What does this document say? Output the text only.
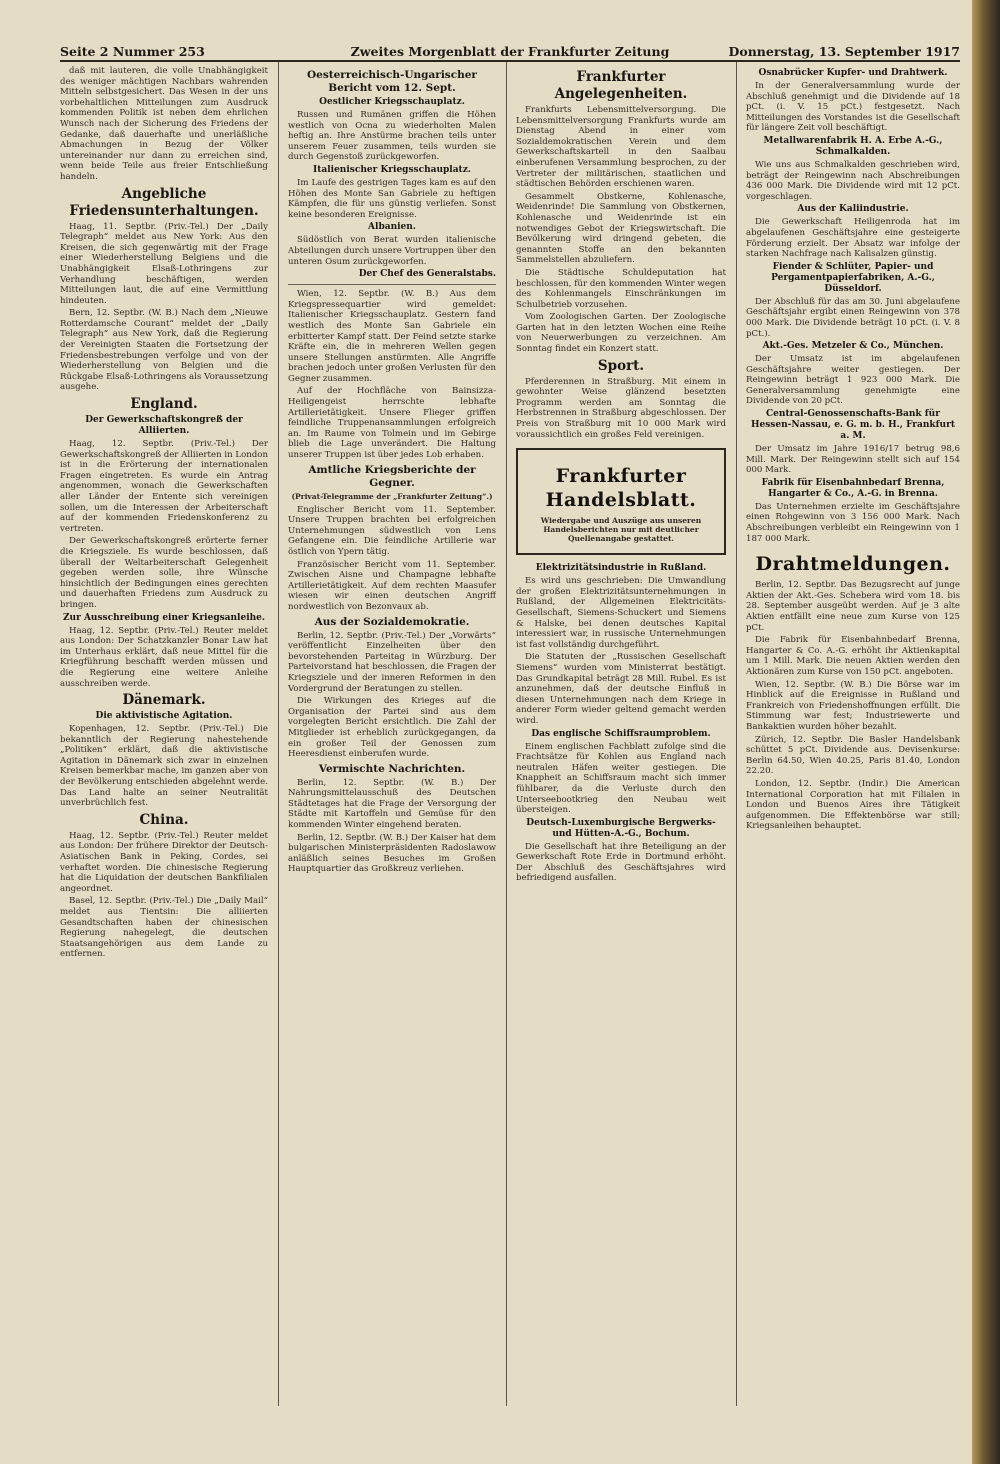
Seite 2 Nummer 253	Zweites Morgenblatt der Frankfurter Zeitung	Donnerstag, 13. September 1917

daß mit lauteren, die volle Unabhängigkeit des weniger mächtigen Nachbars wahrenden Mitteln selbstgesichert. Das Wesen in der uns vorbehaltlichen Mitteilungen zum Ausdruck kommenden Politik ist neben dem ehrlichen Wunsch nach der Sicherung des Friedens der Gedanke, daß dauerhafte und unerläßliche Abmachungen in Bezug der Völker untereinander nur dann zu erreichen sind, wenn beide Teile aus freier Entschließung handeln.

Angebliche Friedensunterhaltungen.

Haag, 11. Septbr. (Priv.-Tel.) Der „Daily Telegraph“ meldet aus New York: Aus den Kreisen, die sich gegenwärtig mit der Frage einer Wiederherstellung Belgiens und die Unabhängigkeit Elsaß-Lothringens zur Verhandlung beschäftigen, werden Mitteilungen laut, die auf eine Vermittlung hindeuten.

Bern, 12. Septbr. (W. B.) Nach dem „Nieuwe Rotterdamsche Courant“ meldet der „Daily Telegraph“ aus New York, daß die Regierung der Vereinigten Staaten die Fortsetzung der Friedensbestrebungen verfolge und von der Wiederherstellung von Belgien und die Rückgabe Elsaß-Lothringens als Voraussetzung ausgehe.

England.
Der Gewerkschaftskongreß der Alliierten.

Haag, 12. Septbr. (Priv.-Tel.) Der Gewerkschaftskongreß der Alliierten in London ist in die Erörterung der internationalen Fragen eingetreten. Es wurde ein Antrag angenommen, wonach die Gewerkschaften aller Länder der Entente sich vereinigen sollen, um die Interessen der Arbeiterschaft auf der kommenden Friedenskonferenz zu vertreten.

Der Gewerkschaftskongreß erörterte ferner die Kriegsziele. Es wurde beschlossen, daß überall der Weltarbeiterschaft Gelegenheit gegeben werden solle, ihre Wünsche hinsichtlich der Bedingungen eines gerechten und dauerhaften Friedens zum Ausdruck zu bringen.

Zur Ausschreibung einer Kriegsanleihe.

Haag, 12. Septbr. (Priv.-Tel.) Reuter meldet aus London: Der Schatzkanzler Bonar Law hat im Unterhaus erklärt, daß neue Mittel für die Kriegführung beschafft werden müssen und die Regierung eine weitere Anleihe ausschreiben werde.

Dänemark.
Die aktivistische Agitation.

Kopenhagen, 12. Septbr. (Priv.-Tel.) Die bekanntlich der Regierung nahestehende „Politiken“ erklärt, daß die aktivistische Agitation in Dänemark sich zwar in einzelnen Kreisen bemerkbar mache, im ganzen aber von der Bevölkerung entschieden abgelehnt werde. Das Land halte an seiner Neutralität unverbrüchlich fest.

China.

Haag, 12. Septbr. (Priv.-Tel.) Reuter meldet aus London: Der frühere Direktor der Deutsch-Asiatischen Bank in Peking, Cordes, sei verhaftet worden. Die chinesische Regierung hat die Liquidation der deutschen Bankfilialen angeordnet.

Basel, 12. Septbr. (Priv.-Tel.) Die „Daily Mail“ meldet aus Tientsin: Die alliierten Gesandtschaften haben der chinesischen Regierung nahegelegt, die deutschen Staatsangehörigen aus dem Lande zu entfernen.

Oesterreichisch-Ungarischer Bericht vom 12. Sept.
Oestlicher Kriegsschauplatz.

Russen und Rumänen griffen die Höhen westlich von Ocna zu wiederholten Malen heftig an. Ihre Anstürme brachen teils unter unserem Feuer zusammen, teils wurden sie durch Gegenstoß zurückgeworfen.

Italienischer Kriegsschauplatz.

Im Laufe des gestrigen Tages kam es auf den Höhen des Monte San Gabriele zu heftigen Kämpfen, die für uns günstig verliefen. Sonst keine besonderen Ereignisse.

Albanien.

Südöstlich von Berat wurden italienische Abteilungen durch unsere Vortruppen über den unteren Osum zurückgeworfen.

Der Chef des Generalstabs.

Wien, 12. Septbr. (W. B.) Aus dem Kriegspressequartier wird gemeldet: Italienischer Kriegsschauplatz. Gestern fand westlich des Monte San Gabriele ein erbitterter Kampf statt. Der Feind setzte starke Kräfte ein, die in mehreren Wellen gegen unsere Stellungen anstürmten. Alle Angriffe brachen jedoch unter großen Verlusten für den Gegner zusammen.

Auf der Hochfläche von Bainsizza-Heiligengeist herrschte lebhafte Artillerietätigkeit. Unsere Flieger griffen feindliche Truppenansammlungen erfolgreich an. Im Raume von Tolmein und im Gebirge blieb die Lage unverändert. Die Haltung unserer Truppen ist über jedes Lob erhaben.

Amtliche Kriegsberichte der Gegner.
(Privat-Telegramme der „Frankfurter Zeitung“.)

Englischer Bericht vom 11. September. Unsere Truppen brachten bei erfolgreichen Unternehmungen südwestlich von Lens Gefangene ein. Die feindliche Artillerie war östlich von Ypern tätig.

Französischer Bericht vom 11. September. Zwischen Aisne und Champagne lebhafte Artillerietätigkeit. Auf dem rechten Maasufer wiesen wir einen deutschen Angriff nordwestlich von Bezonvaux ab.

Aus der Sozialdemokratie.

Berlin, 12. Septbr. (Priv.-Tel.) Der „Vorwärts“ veröffentlicht Einzelheiten über den bevorstehenden Parteitag in Würzburg. Der Parteivorstand hat beschlossen, die Fragen der Kriegsziele und der inneren Reformen in den Vordergrund der Beratungen zu stellen.

Die Wirkungen des Krieges auf die Organisation der Partei sind aus dem vorgelegten Bericht ersichtlich. Die Zahl der Mitglieder ist erheblich zurückgegangen, da ein großer Teil der Genossen zum Heeresdienst einberufen wurde.

Vermischte Nachrichten.

Berlin, 12. Septbr. (W. B.) Der Nahrungsmittelausschuß des Deutschen Städtetages hat die Frage der Versorgung der Städte mit Kartoffeln und Gemüse für den kommenden Winter eingehend beraten.

Berlin, 12. Septbr. (W. B.) Der Kaiser hat dem bulgarischen Ministerpräsidenten Radoslawow anläßlich seines Besuches im Großen Hauptquartier das Großkreuz verliehen.

Frankfurter Angelegenheiten.

Frankfurts Lebensmittelversorgung. Die Lebensmittelversorgung Frankfurts wurde am Dienstag Abend in einer vom Sozialdemokratischen Verein und dem Gewerkschaftskartell in den Saalbau einberufenen Versammlung besprochen, zu der Vertreter der militärischen, staatlichen und städtischen Behörden erschienen waren.

Gesammelt Obstkerne, Kohlenasche, Weidenrinde! Die Sammlung von Obstkernen, Kohlenasche und Weidenrinde ist ein notwendiges Gebot der Kriegswirtschaft. Die Bevölkerung wird dringend gebeten, die genannten Stoffe an den bekannten Sammelstellen abzuliefern.

Die Städtische Schuldeputation hat beschlossen, für den kommenden Winter wegen des Kohlenmangels Einschränkungen im Schulbetrieb vorzusehen.

Vom Zoologischen Garten. Der Zoologische Garten hat in den letzten Wochen eine Reihe von Neuerwerbungen zu verzeichnen. Am Sonntag findet ein Konzert statt.

Sport.

Pferderennen in Straßburg. Mit einem in gewohnter Weise glänzend besetzten Programm werden am Sonntag die Herbstrennen in Straßburg abgeschlossen. Der Preis von Straßburg mit 10 000 Mark wird voraussichtlich ein großes Feld vereinigen.

Frankfurter Handelsblatt.
Wiedergabe und Auszüge aus unseren Handelsberichten nur mit deutlicher Quellenangabe gestattet.
Elektrizitätsindustrie in Rußland.

Es wird uns geschrieben: Die Umwandlung der großen Elektrizitätsunternehmungen in Rußland, der Allgemeinen Elektricitäts-Gesellschaft, Siemens-Schuckert und Siemens & Halske, bei denen deutsches Kapital interessiert war, in russische Unternehmungen ist fast vollständig durchgeführt.

Die Statuten der „Russischen Gesellschaft Siemens“ wurden vom Ministerrat bestätigt. Das Grundkapital beträgt 28 Mill. Rubel. Es ist anzunehmen, daß der deutsche Einfluß in diesen Unternehmungen nach dem Kriege in anderer Form wieder geltend gemacht werden wird.

Das englische Schiffsraumproblem.

Einem englischen Fachblatt zufolge sind die Frachtsätze für Kohlen aus England nach neutralen Häfen weiter gestiegen. Die Knappheit an Schiffsraum macht sich immer fühlbarer, da die Verluste durch den Unterseebootkrieg den Neubau weit übersteigen.

Deutsch-Luxemburgische Bergwerks- und Hütten-A.-G., Bochum.

Die Gesellschaft hat ihre Beteiligung an der Gewerkschaft Rote Erde in Dortmund erhöht. Der Abschluß des Geschäftsjahres wird befriedigend ausfallen.

Osnabrücker Kupfer- und Drahtwerk.

In der Generalversammlung wurde der Abschluß genehmigt und die Dividende auf 18 pCt. (i. V. 15 pCt.) festgesetzt. Nach Mitteilungen des Vorstandes ist die Gesellschaft für längere Zeit voll beschäftigt.

Metallwarenfabrik H. A. Erbe A.-G., Schmalkalden.

Wie uns aus Schmalkalden geschrieben wird, beträgt der Reingewinn nach Abschreibungen 436 000 Mark. Die Dividende wird mit 12 pCt. vorgeschlagen.

Aus der Kaliindustrie.

Die Gewerkschaft Heiligenroda hat im abgelaufenen Geschäftsjahre eine gesteigerte Förderung erzielt. Der Absatz war infolge der starken Nachfrage nach Kalisalzen günstig.

Fiender & Schlüter, Papier- und Pergamentpapierfabriken, A.-G., Düsseldorf.

Der Abschluß für das am 30. Juni abgelaufene Geschäftsjahr ergibt einen Reingewinn von 378 000 Mark. Die Dividende beträgt 10 pCt. (i. V. 8 pCt.).

Akt.-Ges. Metzeler & Co., München.

Der Umsatz ist im abgelaufenen Geschäftsjahre weiter gestiegen. Der Reingewinn beträgt 1 923 000 Mark. Die Generalversammlung genehmigte eine Dividende von 20 pCt.

Central-Genossenschafts-Bank für Hessen-Nassau, e. G. m. b. H., Frankfurt a. M.

Der Umsatz im Jahre 1916/17 betrug 98,6 Mill. Mark. Der Reingewinn stellt sich auf 154 000 Mark.

Fabrik für Eisenbahnbedarf Brenna, Hangarter & Co., A.-G. in Brenna.

Das Unternehmen erzielte im Geschäftsjahre einen Rohgewinn von 3 156 000 Mark. Nach Abschreibungen verbleibt ein Reingewinn von 1 187 000 Mark.

Drahtmeldungen.

Berlin, 12. Septbr. Das Bezugsrecht auf junge Aktien der Akt.-Ges. Schebera wird vom 18. bis 28. September ausgeübt werden. Auf je 3 alte Aktien entfällt eine neue zum Kurse von 125 pCt.

Die Fabrik für Eisenbahnbedarf Brenna, Hangarter & Co. A.-G. erhöht ihr Aktienkapital um 1 Mill. Mark. Die neuen Aktien werden den Aktionären zum Kurse von 150 pCt. angeboten.

Wien, 12. Septbr. (W. B.) Die Börse war im Hinblick auf die Ereignisse in Rußland und Frankreich von Friedenshoffnungen erfüllt. Die Stimmung war fest; Industriewerte und Bankaktien wurden höher bezahlt.

Zürich, 12. Septbr. Die Basler Handelsbank schüttet 5 pCt. Dividende aus. Devisenkurse: Berlin 64.50, Wien 40.25, Paris 81.40, London 22.20.

London, 12. Septbr. (Indir.) Die American International Corporation hat mit Filialen in London und Buenos Aires ihre Tätigkeit aufgenommen. Die Effektenbörse war still; Kriegsanleihen behauptet.
